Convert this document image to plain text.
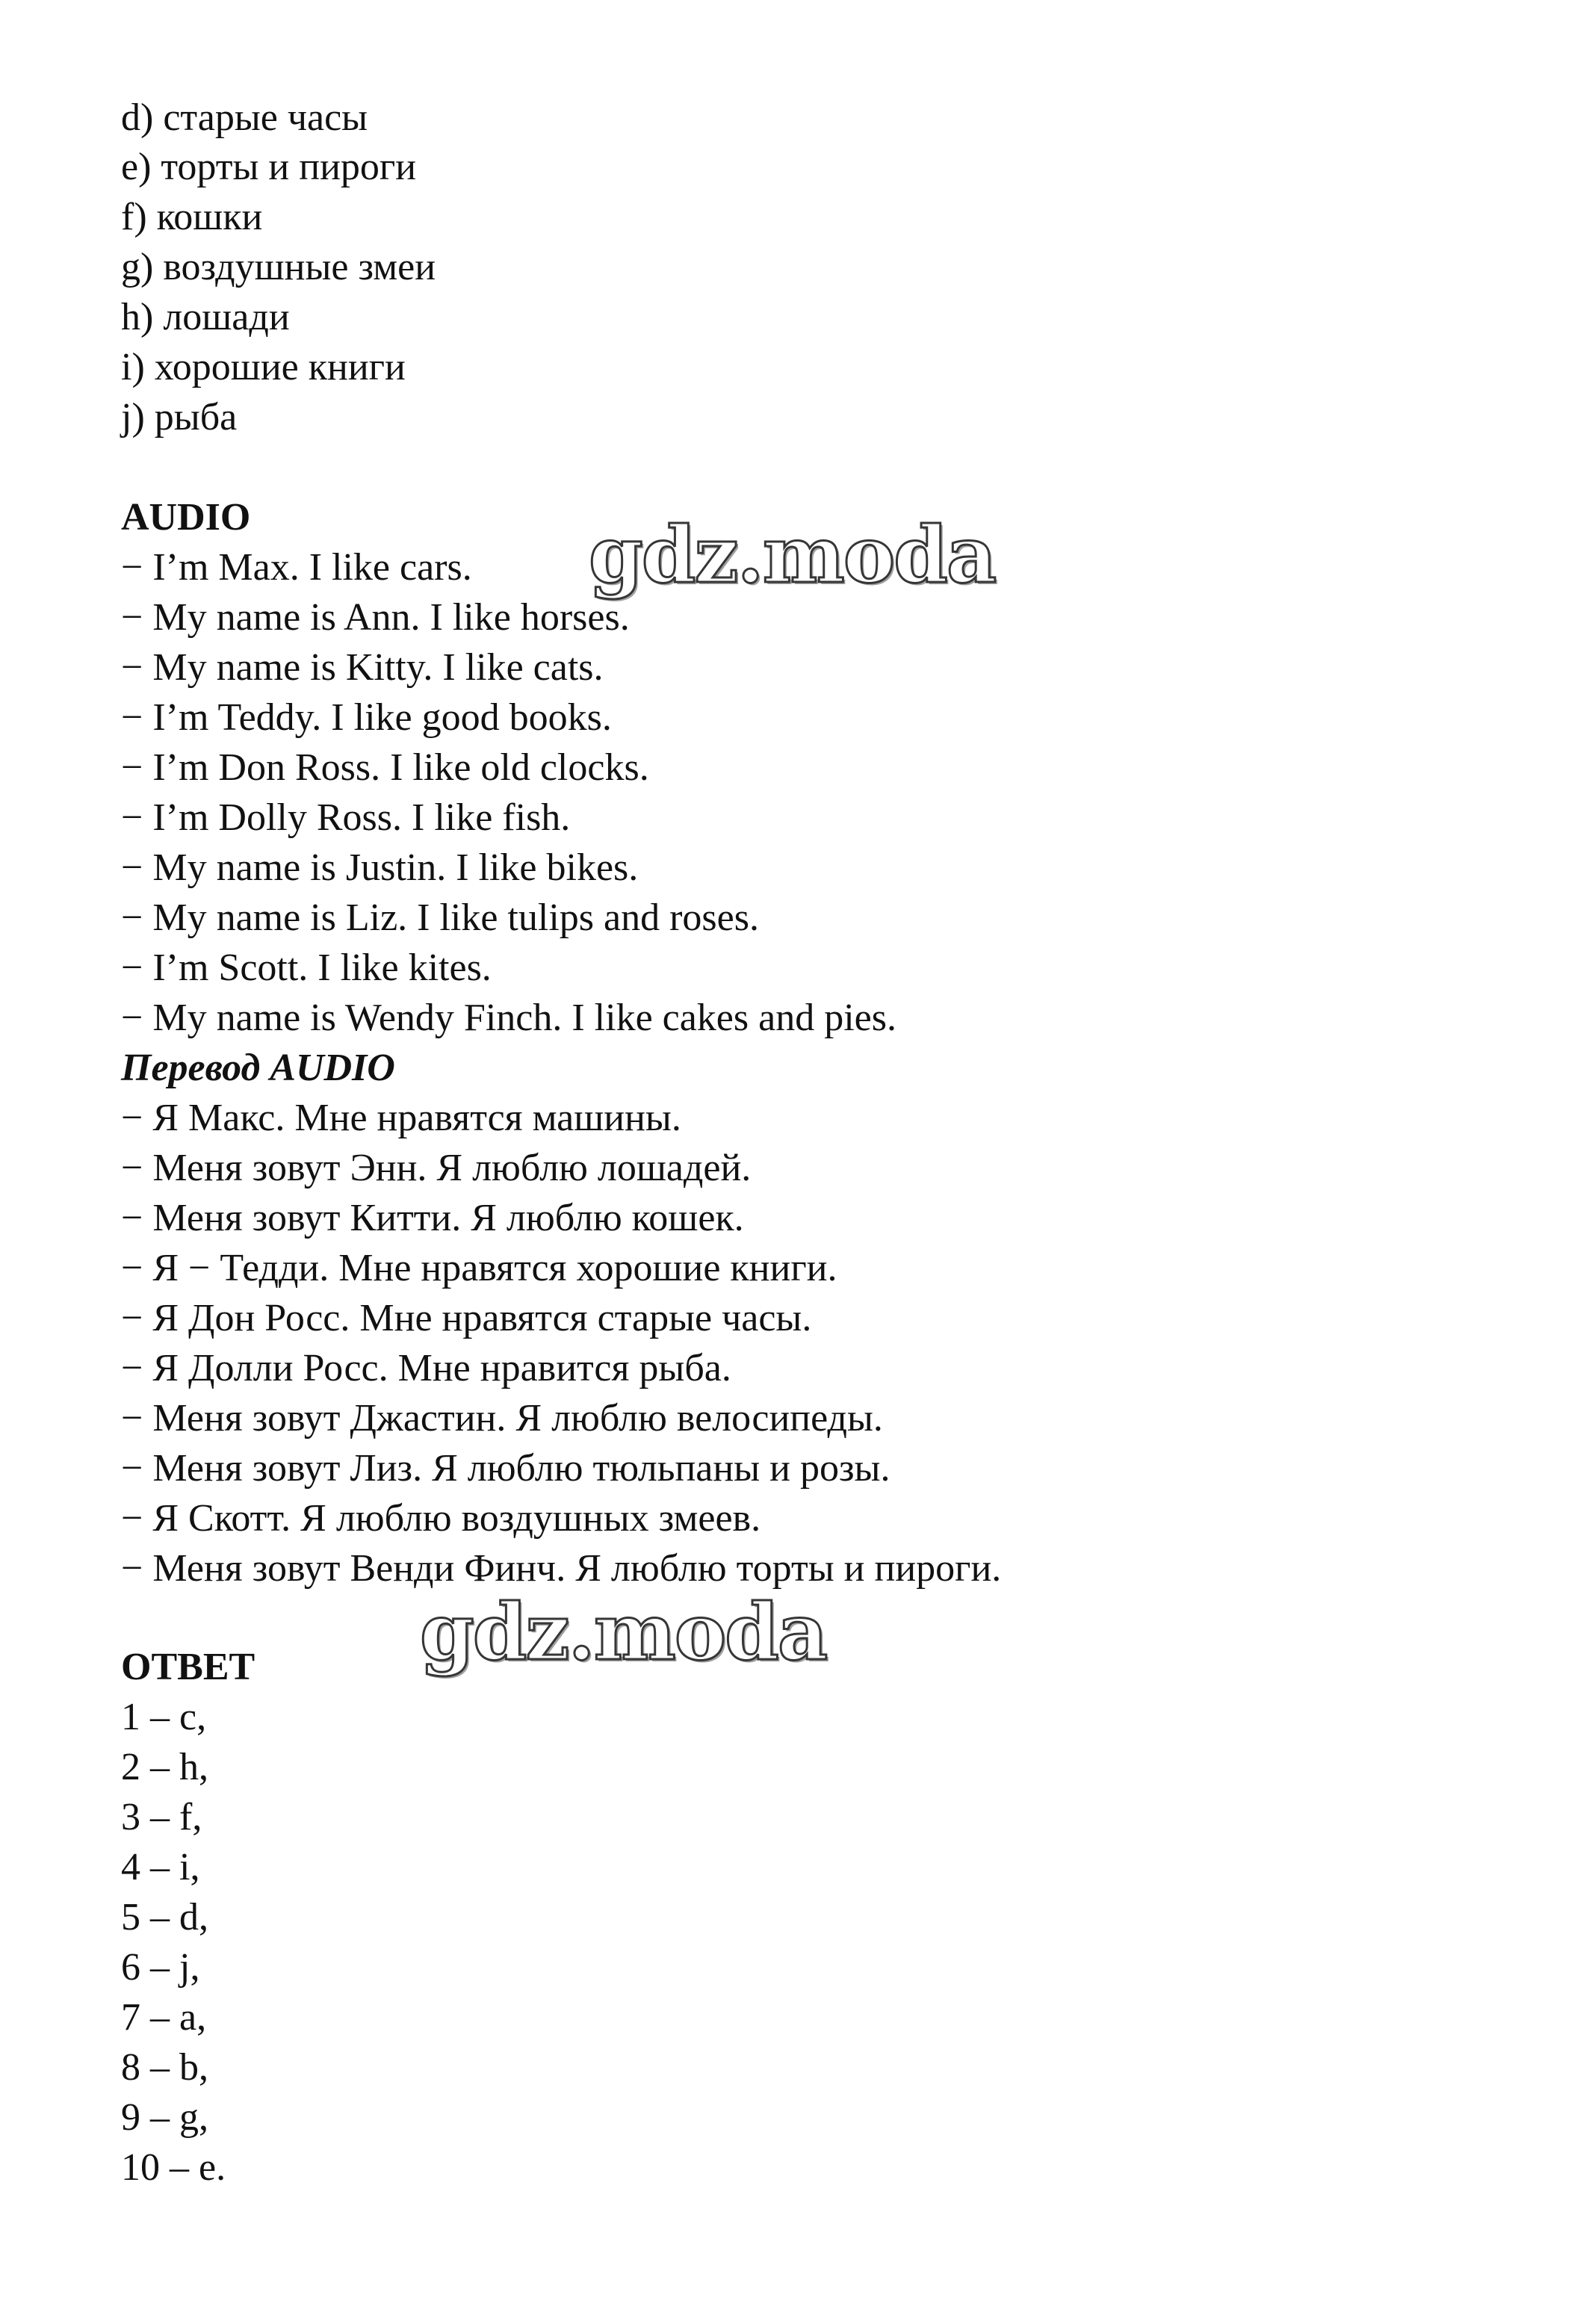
d) старые часы
e) торты и пироги
f) кошки
g) воздушные змеи
h) лошади
i) хорошие книги
j) рыба
AUDIO
− I’m Max. I like cars.
− My name is Ann. I like horses.
− My name is Kitty. I like cats.
− I’m Teddy. I like good books.
− I’m Don Ross. I like old clocks.
− I’m Dolly Ross. I like fish.
− My name is Justin. I like bikes.
− My name is Liz. I like tulips and roses.
− I’m Scott. I like kites.
− My name is Wendy Finch. I like cakes and pies.
Перевод AUDIO
− Я Макс. Мне нравятся машины.
− Меня зовут Энн. Я люблю лошадей.
− Меня зовут Китти. Я люблю кошек.
− Я − Тедди. Мне нравятся хорошие книги.
− Я Дон Росс. Мне нравятся старые часы.
− Я Долли Росс. Мне нравится рыба.
− Меня зовут Джастин. Я люблю велосипеды.
− Меня зовут Лиз. Я люблю тюльпаны и розы.
− Я Скотт. Я люблю воздушных змеев.
− Меня зовут Венди Финч. Я люблю торты и пироги.
ОТВЕТ
1 – c,
2 – h,
3 – f,
4 – i,
5 – d,
6 – j,
7 – a,
8 – b,
9 – g,
10 – e.
gdz.moda
gdz.moda
